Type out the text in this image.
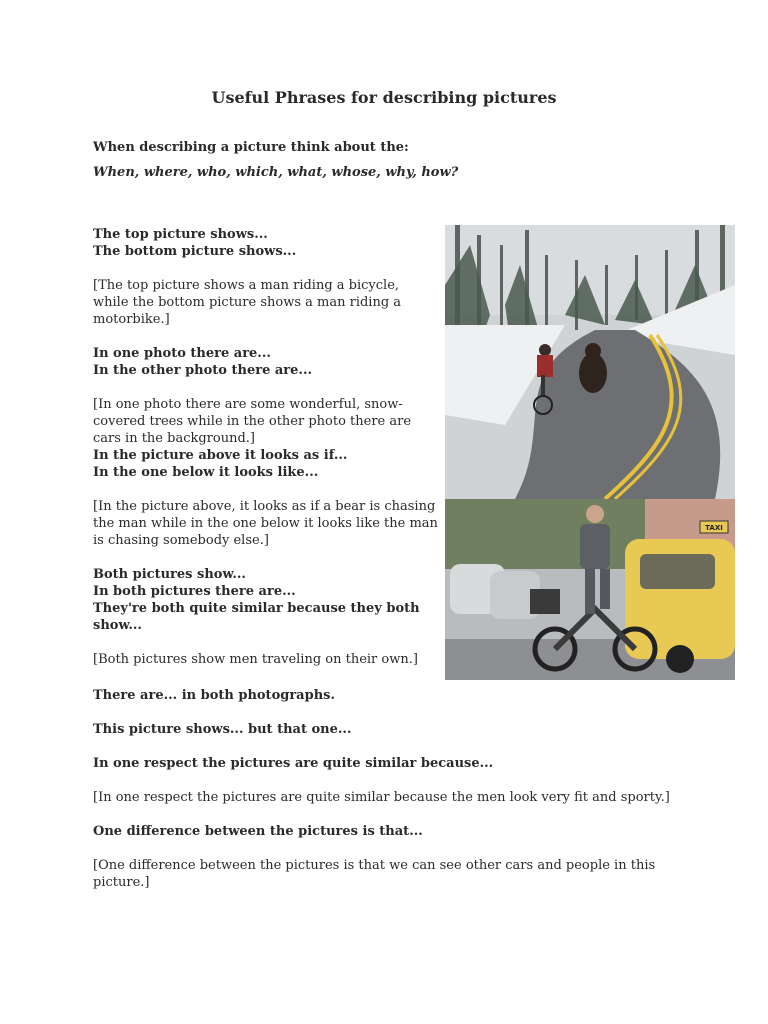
Useful Phrases for describing pictures

When describing a picture think about the:

When, where, who, which, what, whose, why, how?

The top picture shows...

The bottom picture shows...

[The top picture shows a man riding a bicycle, while the bottom picture shows a man riding a motorbike.]

In one photo there are...

In the other photo there are...

[In one photo there are some wonderful, snow-covered trees while in the other photo there are cars in the background.]

In the picture above it looks as if...

In the one below it looks like...

[In the picture above, it looks as if a bear is chasing the man while in the one below it looks like the man is chasing somebody else.]

Both pictures show...

In both pictures there are...

They're both quite similar because they both show...

[Both pictures show men traveling on their own.]

There are... in both photographs.

This picture shows... but that one...

In one respect the pictures are quite similar because...

[In one respect the pictures are quite similar because the men look very fit and sporty.]

One difference between the pictures is that...

[One difference between the pictures is that we can see other cars and people in this picture.]

TAXI
